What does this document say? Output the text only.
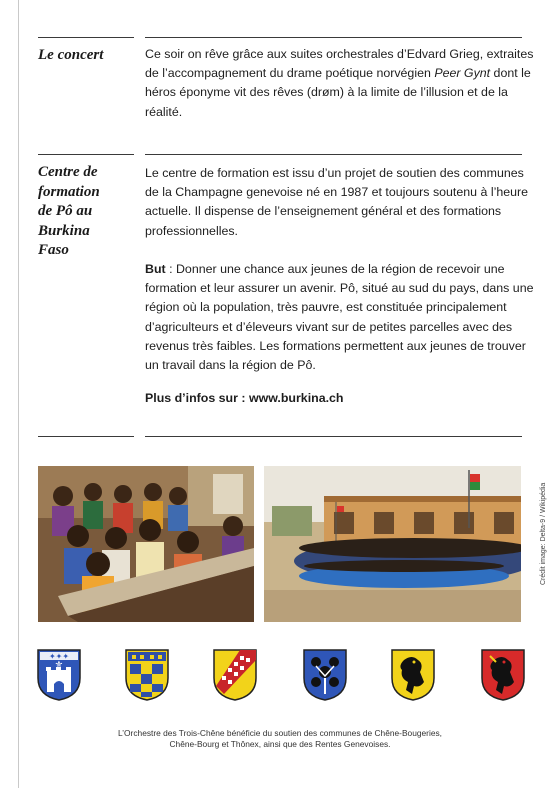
Le concert	Ce soir on rêve grâce aux suites orchestrales d’Edvard Grieg, extraites de l’accompagnement du drame poétique norvégien Peer Gynt dont le héros éponyme vit des rêves (drøm) à la limite de l’illusion et de la réalité.
Centre de
formation
de Pô au
Burkina
Faso
Le centre de formation est issu d’un projet de soutien des communes de la Champagne genevoise né en 1987 et toujours soutenu à l’heure actuelle. Il dispense de l’enseignement général et des formations professionnelles.
But : Donner une chance aux jeunes de la région de recevoir une formation et leur assurer un avenir. Pô, situé au sud du pays, dans une région où la population, très pauvre, est constituée principalement d’agriculteurs et d’éleveurs vivant sur de petites parcelles avec des revenus très faibles. Les formations permettent aux jeunes de trouver un travail dans la région de Pô.
Plus d’infos sur : www.burkina.ch
Crédit image: Delta-9 / Wikipédia
✦✦✦
⚜
L’Orchestre des Trois-Chêne bénéficie du soutien des communes de Chêne-Bougeries,
Chêne-Bourg et Thônex, ainsi que des Rentes Genevoises.
